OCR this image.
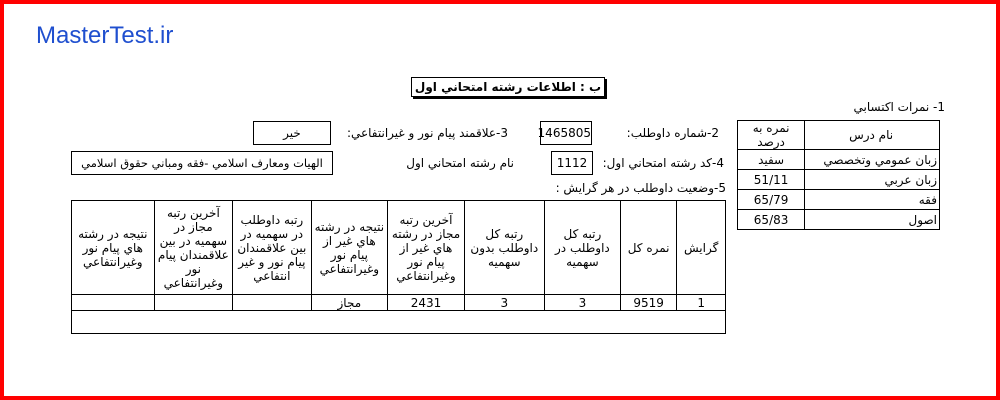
MasterTest.ir
ب : اطلاعات رشته امتحاني اول
1- نمرات اكتسابي
نام درس	نمره به درصد
زبان عمومي وتخصصي	سفيد
زبان عربي	51/11
فقه	65/79
اصول	65/83
2-شماره داوطلب:
1465805
3-علاقمند پيام نور و غيرانتفاعي:
خير
4-كد رشته امتحاني اول:
1112
نام رشته امتحاني اول
الهيات ومعارف اسلامي -فقه ومباني حقوق اسلامي
5-وضعيت داوطلب در هر گرايش :
گرايش	نمره كل	رتبه كل داوطلب در سهميه	رتبه كل داوطلب بدون سهميه	آخرين رتبه مجاز در رشته هاي غير از پيام نور وغيرانتفاعي	نتيجه در رشته هاي غير از پيام نور وغيرانتفاعي	رتبه داوطلب در سهميه در بين علاقمندان پيام نور و غير انتفاعي	آخرين رتبه مجاز در سهميه در بين علاقمندان پيام نور وغيرانتفاعي	نتيجه در رشته هاي پيام نور وغيرانتفاعي
1	9519	3	3	2431	مجاز			
